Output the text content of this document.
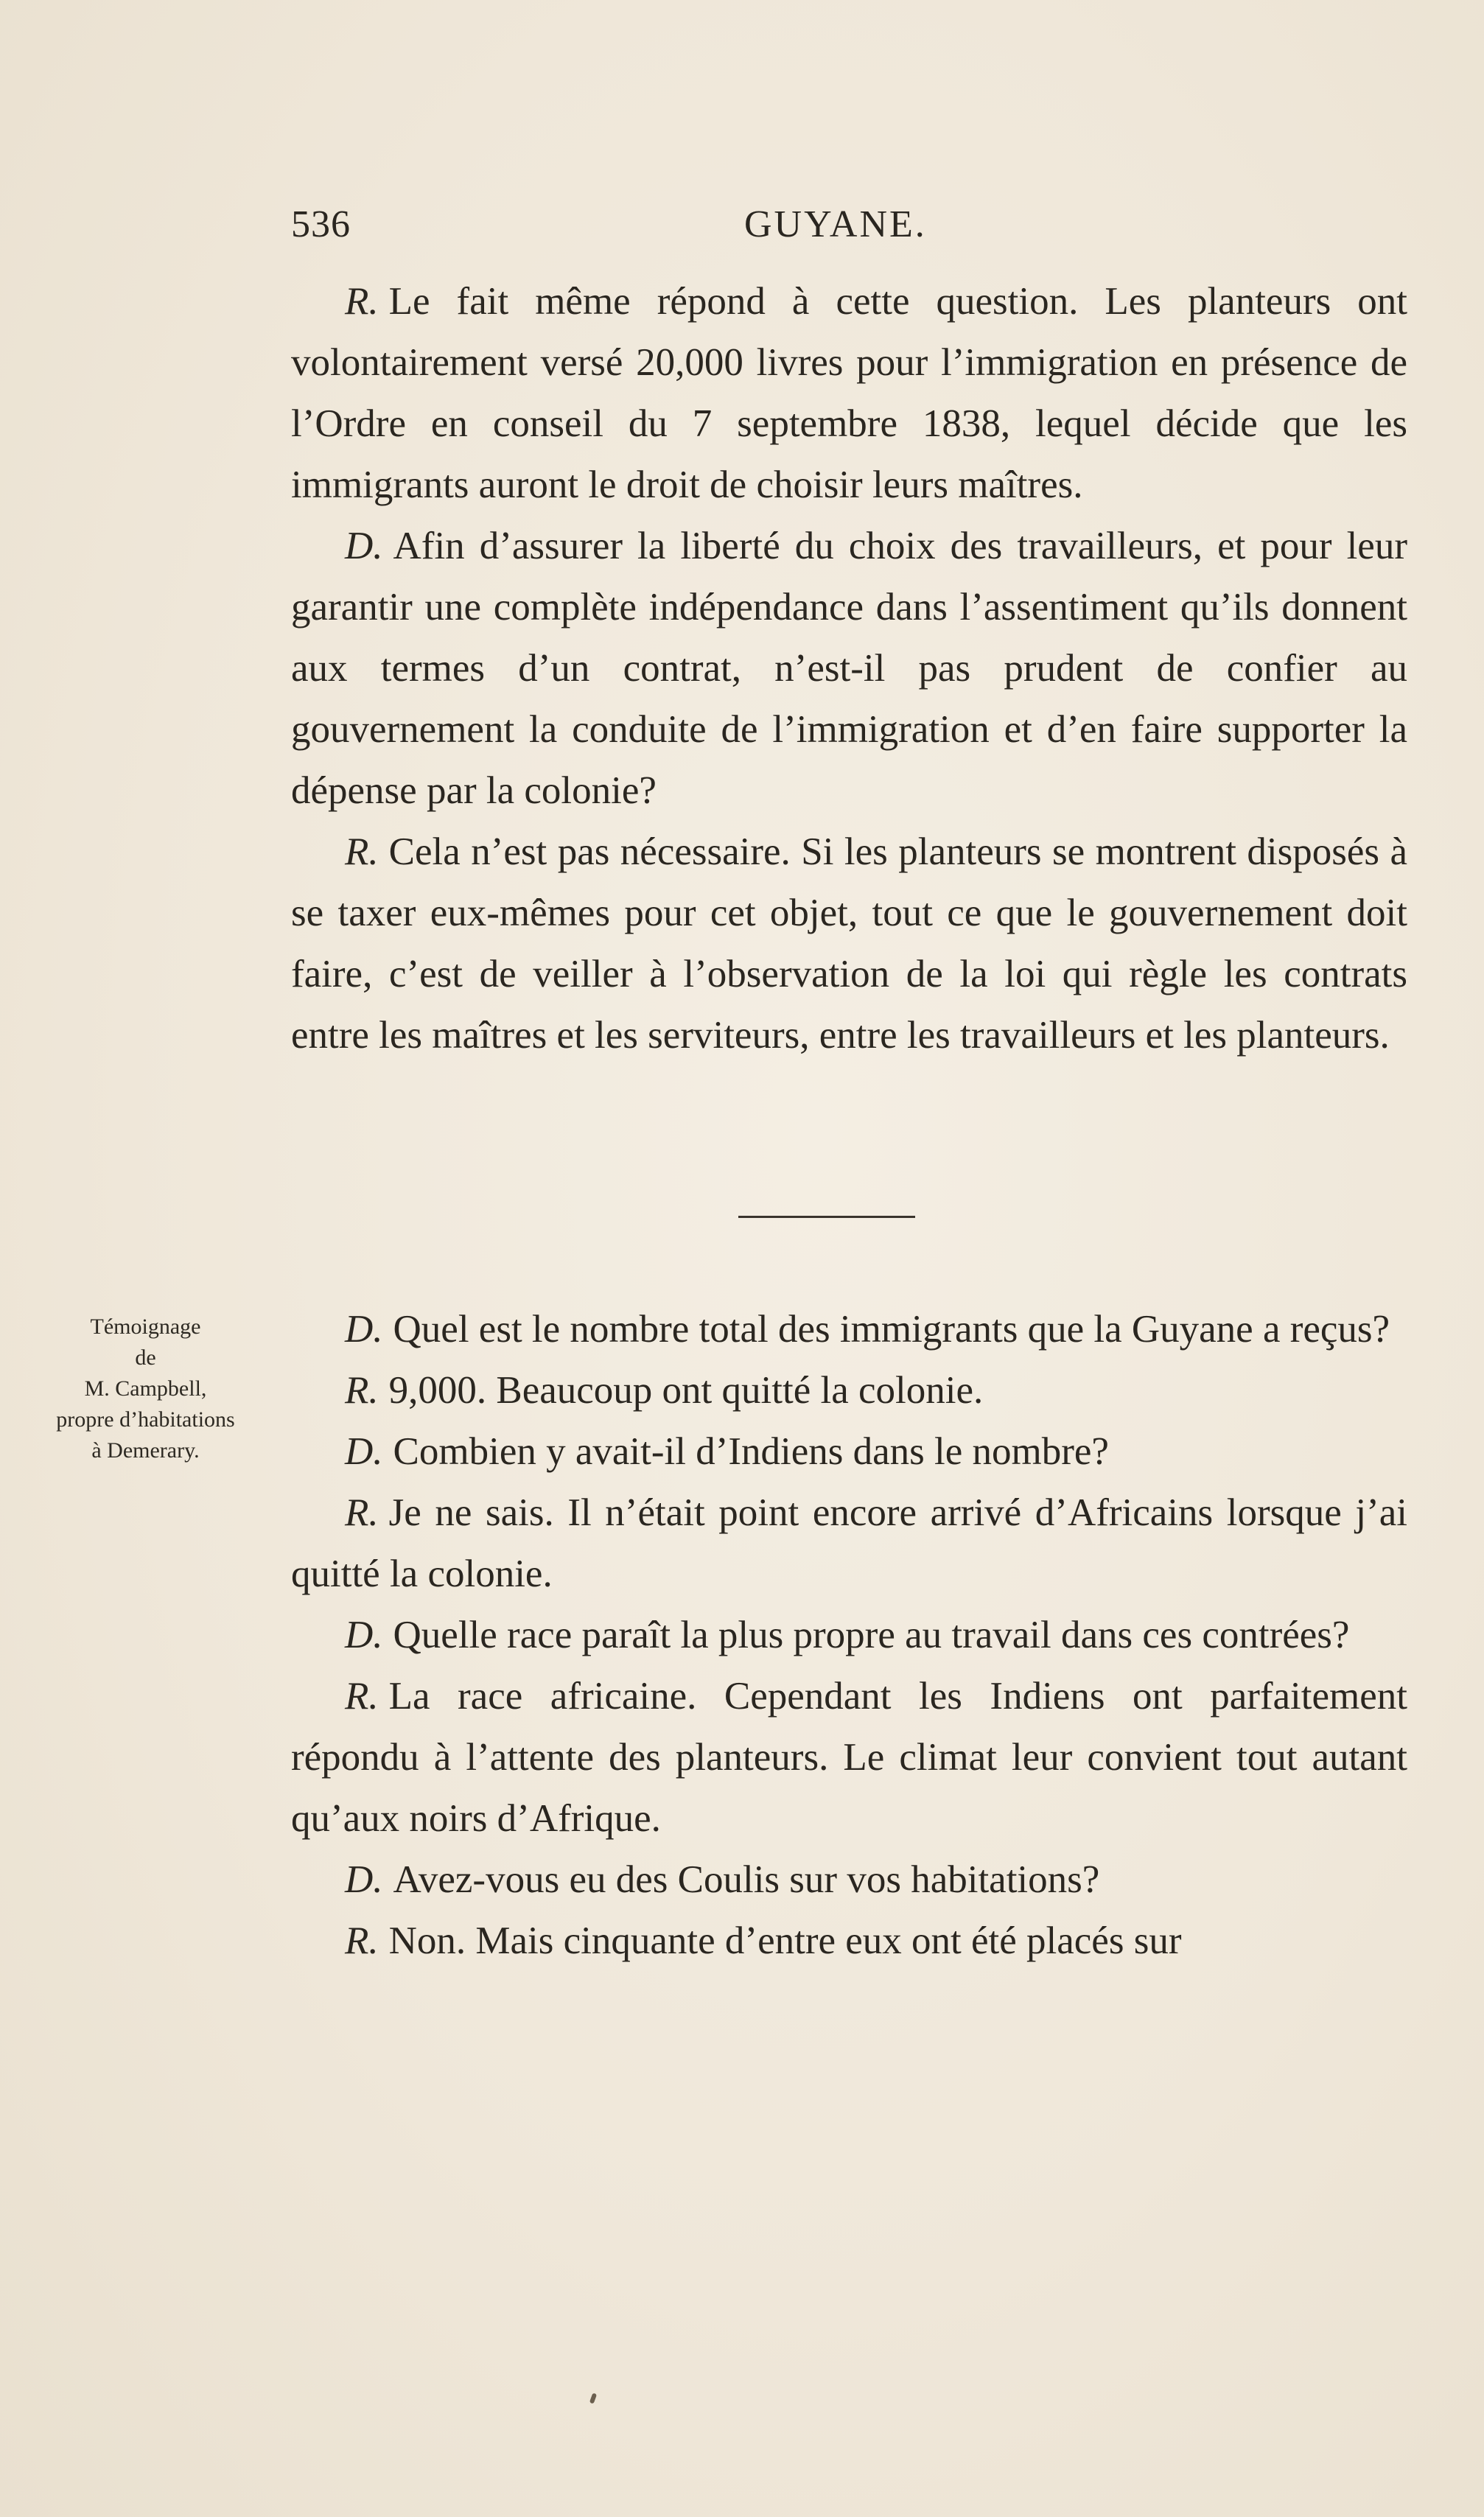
536	GUYANE.

R. Le fait même répond à cette question. Les planteurs ont volontairement versé 20,000 livres pour l’immigration en présence de l’Ordre en conseil du 7 septembre 1838, lequel décide que les immigrants auront le droit de choisir leurs maîtres.

D. Afin d’assurer la liberté du choix des travailleurs, et pour leur garantir une complète indépendance dans l’assentiment qu’ils donnent aux termes d’un contrat, n’est-il pas prudent de confier au gouvernement la conduite de l’immigration et d’en faire supporter la dépense par la colonie?

R. Cela n’est pas nécessaire. Si les planteurs se montrent disposés à se taxer eux-mêmes pour cet objet, tout ce que le gouvernement doit faire, c’est de veiller à l’observation de la loi qui règle les contrats entre les maîtres et les serviteurs, entre les travailleurs et les planteurs.

Témoignage
de
M. Campbell,
propre d’habitations
à Demerary.

D. Quel est le nombre total des immigrants que la Guyane a reçus?

R. 9,000. Beaucoup ont quitté la colonie.

D. Combien y avait-il d’Indiens dans le nombre?

R. Je ne sais. Il n’était point encore arrivé d’Africains lorsque j’ai quitté la colonie.

D. Quelle race paraît la plus propre au travail dans ces contrées?

R. La race africaine. Cependant les Indiens ont parfaitement répondu à l’attente des planteurs. Le climat leur convient tout autant qu’aux noirs d’Afrique.

D. Avez-vous eu des Coulis sur vos habitations?

R. Non. Mais cinquante d’entre eux ont été placés sur
